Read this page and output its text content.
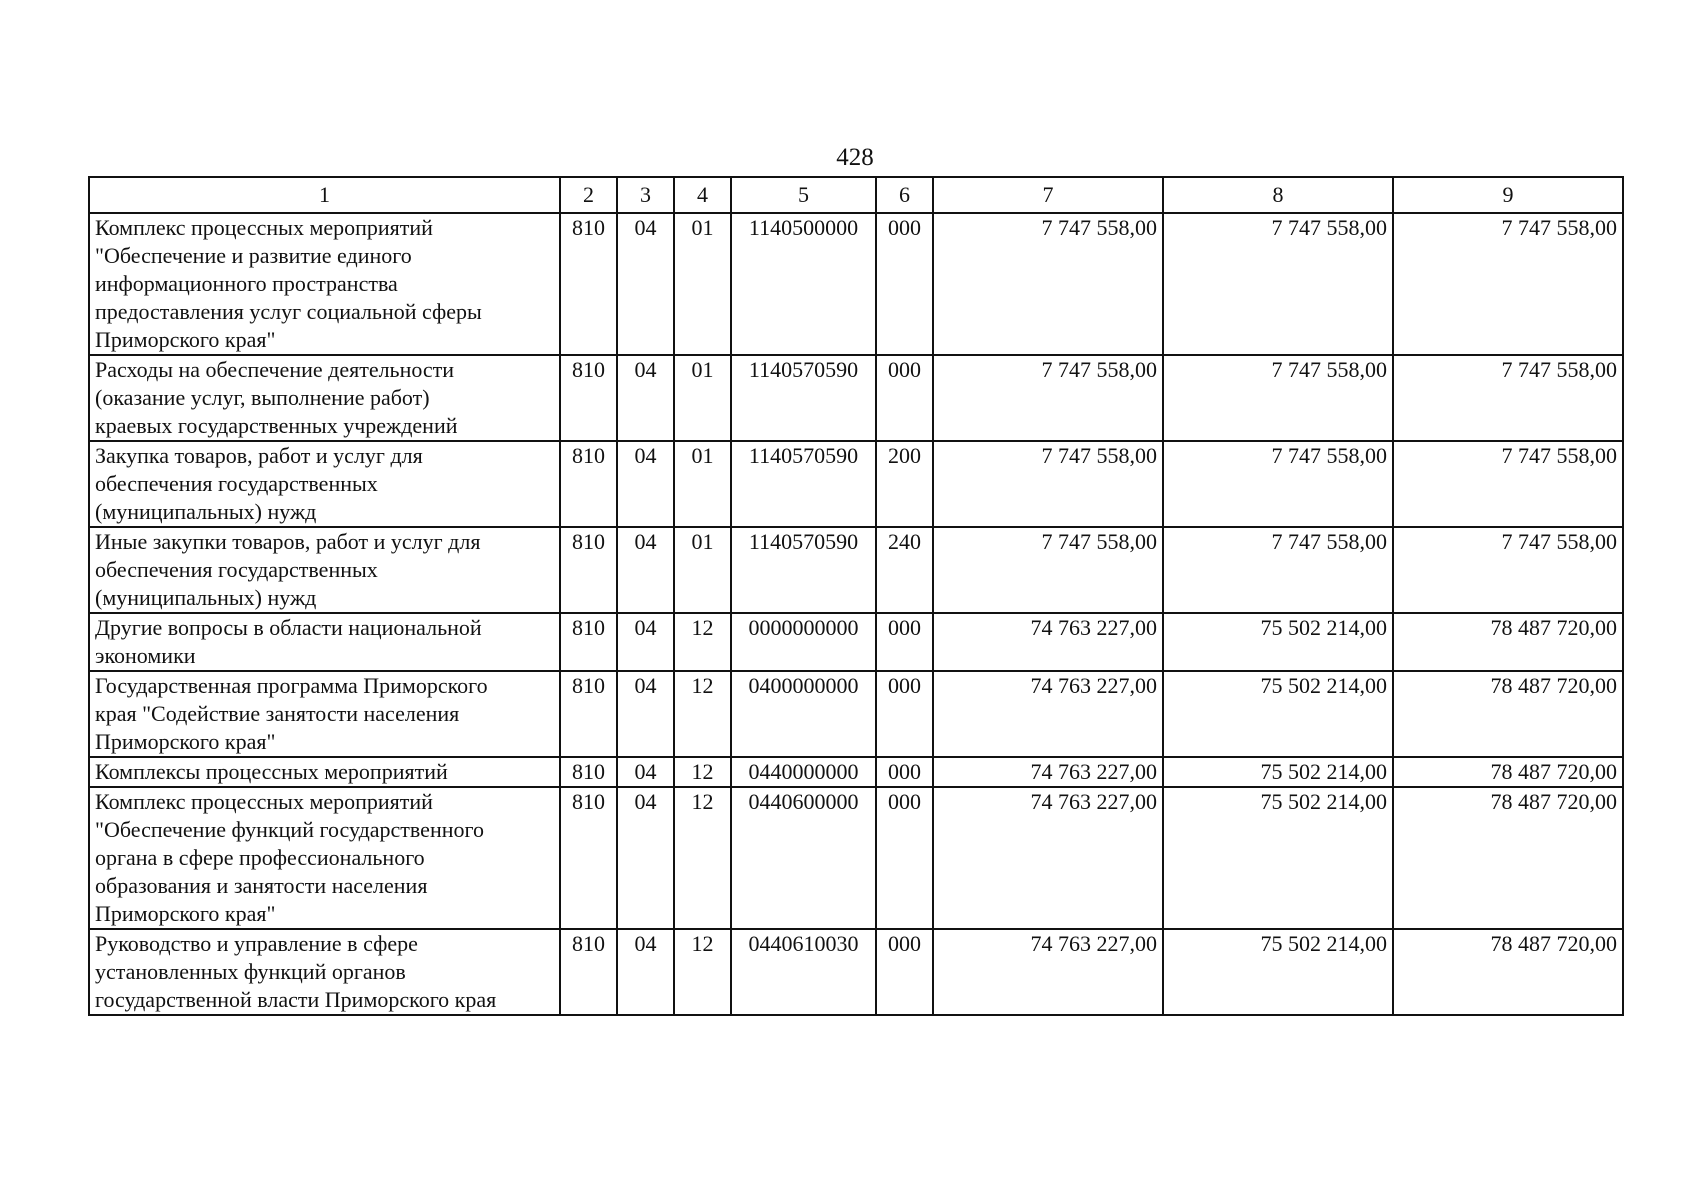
428
1	2	3	4	5	6	7	8	9
Комплекс процессных мероприятий
"Обеспечение и развитие единого
информационного пространства
предоставления услуг социальной сферы
Приморского края"	810	04	01	1140500000	000	7 747 558,00	7 747 558,00	7 747 558,00
Расходы на обеспечение деятельности
(оказание услуг, выполнение работ)
краевых государственных учреждений	810	04	01	1140570590	000	7 747 558,00	7 747 558,00	7 747 558,00
Закупка товаров, работ и услуг для
обеспечения государственных
(муниципальных) нужд	810	04	01	1140570590	200	7 747 558,00	7 747 558,00	7 747 558,00
Иные закупки товаров, работ и услуг для
обеспечения государственных
(муниципальных) нужд	810	04	01	1140570590	240	7 747 558,00	7 747 558,00	7 747 558,00
Другие вопросы в области национальной
экономики	810	04	12	0000000000	000	74 763 227,00	75 502 214,00	78 487 720,00
Государственная программа Приморского
края "Содействие занятости населения
Приморского края"	810	04	12	0400000000	000	74 763 227,00	75 502 214,00	78 487 720,00
Комплексы процессных мероприятий	810	04	12	0440000000	000	74 763 227,00	75 502 214,00	78 487 720,00
Комплекс процессных мероприятий
"Обеспечение функций государственного
органа в сфере профессионального
образования и занятости населения
Приморского края"	810	04	12	0440600000	000	74 763 227,00	75 502 214,00	78 487 720,00
Руководство и управление в сфере
установленных функций органов
государственной власти Приморского края	810	04	12	0440610030	000	74 763 227,00	75 502 214,00	78 487 720,00
